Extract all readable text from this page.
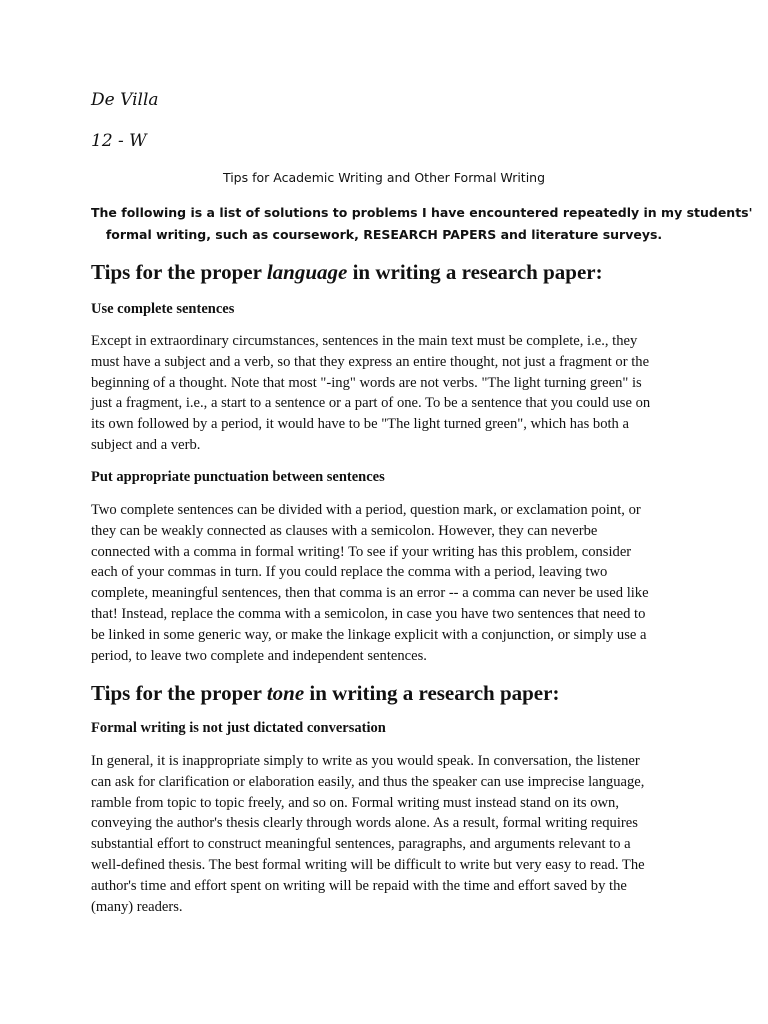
De Villa
12 - W
Tips for Academic Writing and Other Formal Writing
The following is a list of solutions to problems I have encountered repeatedly in my students'
formal writing, such as coursework, RESEARCH PAPERS and literature surveys.
Tips for the proper language in writing a research paper:
Use complete sentences
Except in extraordinary circumstances, sentences in the main text must be complete, i.e., they
must have a subject and a verb, so that they express an entire thought, not just a fragment or the
beginning of a thought. Note that most "-ing" words are not verbs. "The light turning green" is
just a fragment, i.e., a start to a sentence or a part of one. To be a sentence that you could use on
its own followed by a period, it would have to be "The light turned green", which has both a
subject and a verb.
Put appropriate punctuation between sentences
Two complete sentences can be divided with a period, question mark, or exclamation point, or
they can be weakly connected as clauses with a semicolon. However, they can neverbe
connected with a comma in formal writing! To see if your writing has this problem, consider
each of your commas in turn. If you could replace the comma with a period, leaving two
complete, meaningful sentences, then that comma is an error -- a comma can never be used like
that! Instead, replace the comma with a semicolon, in case you have two sentences that need to
be linked in some generic way, or make the linkage explicit with a conjunction, or simply use a
period, to leave two complete and independent sentences.
Tips for the proper tone in writing a research paper:
Formal writing is not just dictated conversation
In general, it is inappropriate simply to write as you would speak. In conversation, the listener
can ask for clarification or elaboration easily, and thus the speaker can use imprecise language,
ramble from topic to topic freely, and so on. Formal writing must instead stand on its own,
conveying the author's thesis clearly through words alone. As a result, formal writing requires
substantial effort to construct meaningful sentences, paragraphs, and arguments relevant to a
well-defined thesis. The best formal writing will be difficult to write but very easy to read. The
author's time and effort spent on writing will be repaid with the time and effort saved by the
(many) readers.
